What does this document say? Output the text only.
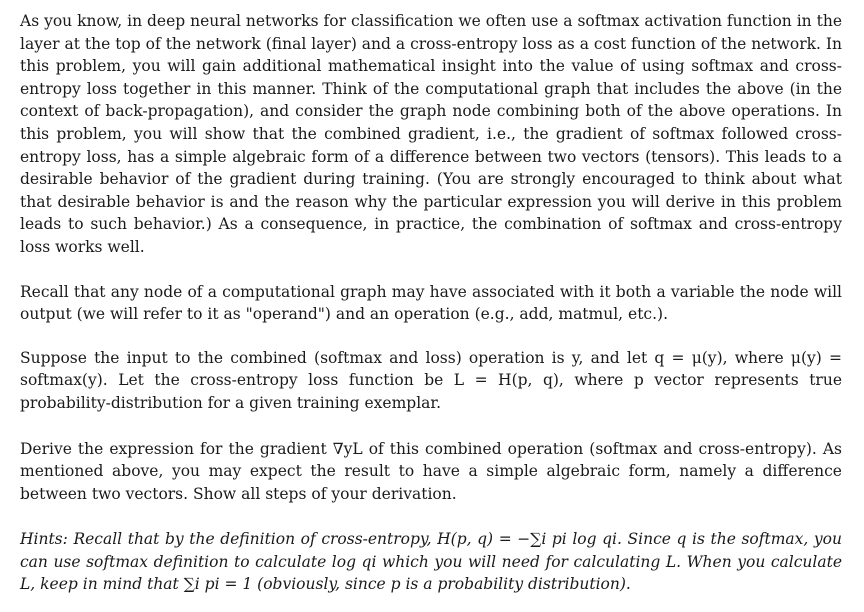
As you know, in deep neural networks for classification we often use a softmax activation function in the layer at the top of the network (final layer) and a cross-entropy loss as a cost function of the network. In this problem, you will gain additional mathematical insight into the value of using softmax and cross-entropy loss together in this manner. Think of the computational graph that includes the above (in the context of back-propagation), and consider the graph node combining both of the above operations. In this problem, you will show that the combined gradient, i.e., the gradient of softmax followed cross-entropy loss, has a simple algebraic form of a difference between two vectors (tensors). This leads to a desirable behavior of the gradient during training. (You are strongly encouraged to think about what that desirable behavior is and the reason why the particular expression you will derive in this problem leads to such behavior.) As a consequence, in practice, the combination of softmax and cross-entropy loss works well.

Recall that any node of a computational graph may have associated with it both a variable the node will output (we will refer to it as "operand") and an operation (e.g., add, matmul, etc.).

Suppose the input to the combined (softmax and loss) operation is y, and let q = μ(y), where μ(y) = softmax(y). Let the cross-entropy loss function be L = H(p, q), where p vector represents true probability-distribution for a given training exemplar.

Derive the expression for the gradient ∇yL of this combined operation (softmax and cross-entropy). As mentioned above, you may expect the result to have a simple algebraic form, namely a difference between two vectors. Show all steps of your derivation.

Hints: Recall that by the definition of cross-entropy, H(p, q) = −∑i pi log qi. Since q is the softmax, you can use softmax definition to calculate log qi which you will need for calculating L. When you calculate L, keep in mind that ∑i pi = 1 (obviously, since p is a probability distribution).
